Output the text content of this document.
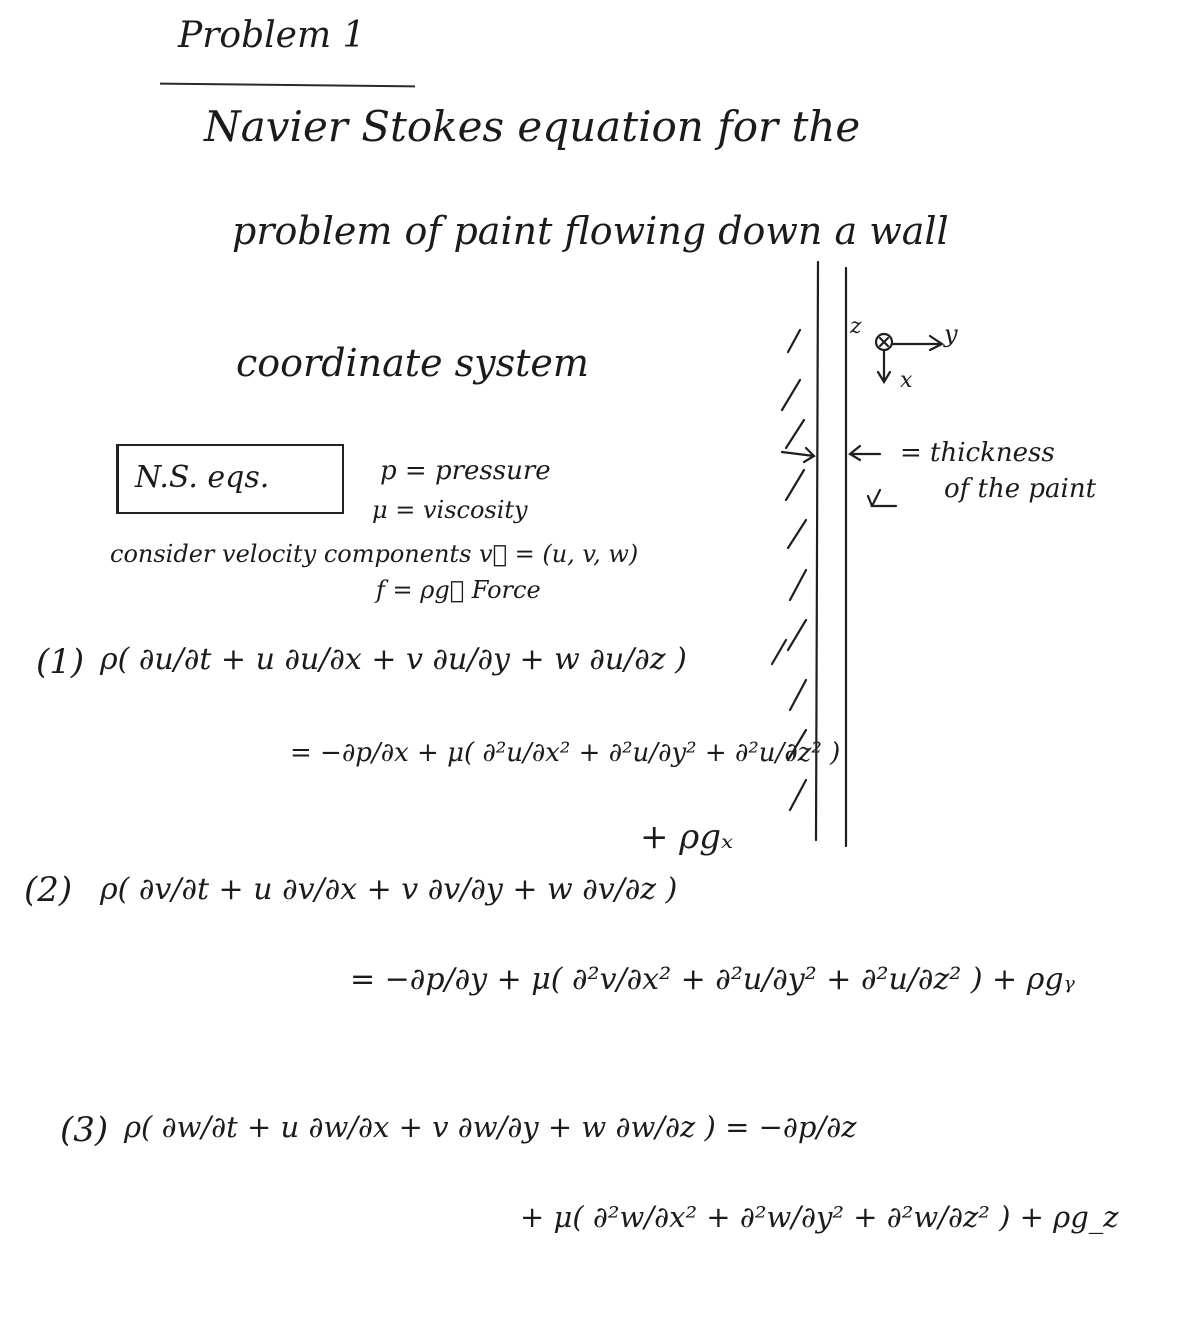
Problem 1
Navier Stokes equation for the
problem of paint flowing down a wall
coordinate system
N.S. eqs.	p = pressure
μ = viscosity
consider velocity components v⃗ = (u, v, w)
f = ρg⃗ Force
(1) ρ( ∂u/∂t + u ∂u/∂x + v ∂u/∂y + w ∂u/∂z )
= −∂p/∂x + μ( ∂²u/∂x² + ∂²u/∂y² + ∂²u/∂z² )
+ ρgₓ
(2) ρ( ∂v/∂t + u ∂v/∂x + v ∂v/∂y + w ∂v/∂z )
= −∂p/∂y + μ( ∂²v/∂x² + ∂²u/∂y² + ∂²u/∂z² ) + ρgᵧ
(3) ρ( ∂w/∂t + u ∂w/∂x + v ∂w/∂y + w ∂w/∂z ) = −∂p/∂z
+ μ( ∂²w/∂x² + ∂²w/∂y² + ∂²w/∂z² ) + ρg_z
z	y
x
= thickness
of the paint
